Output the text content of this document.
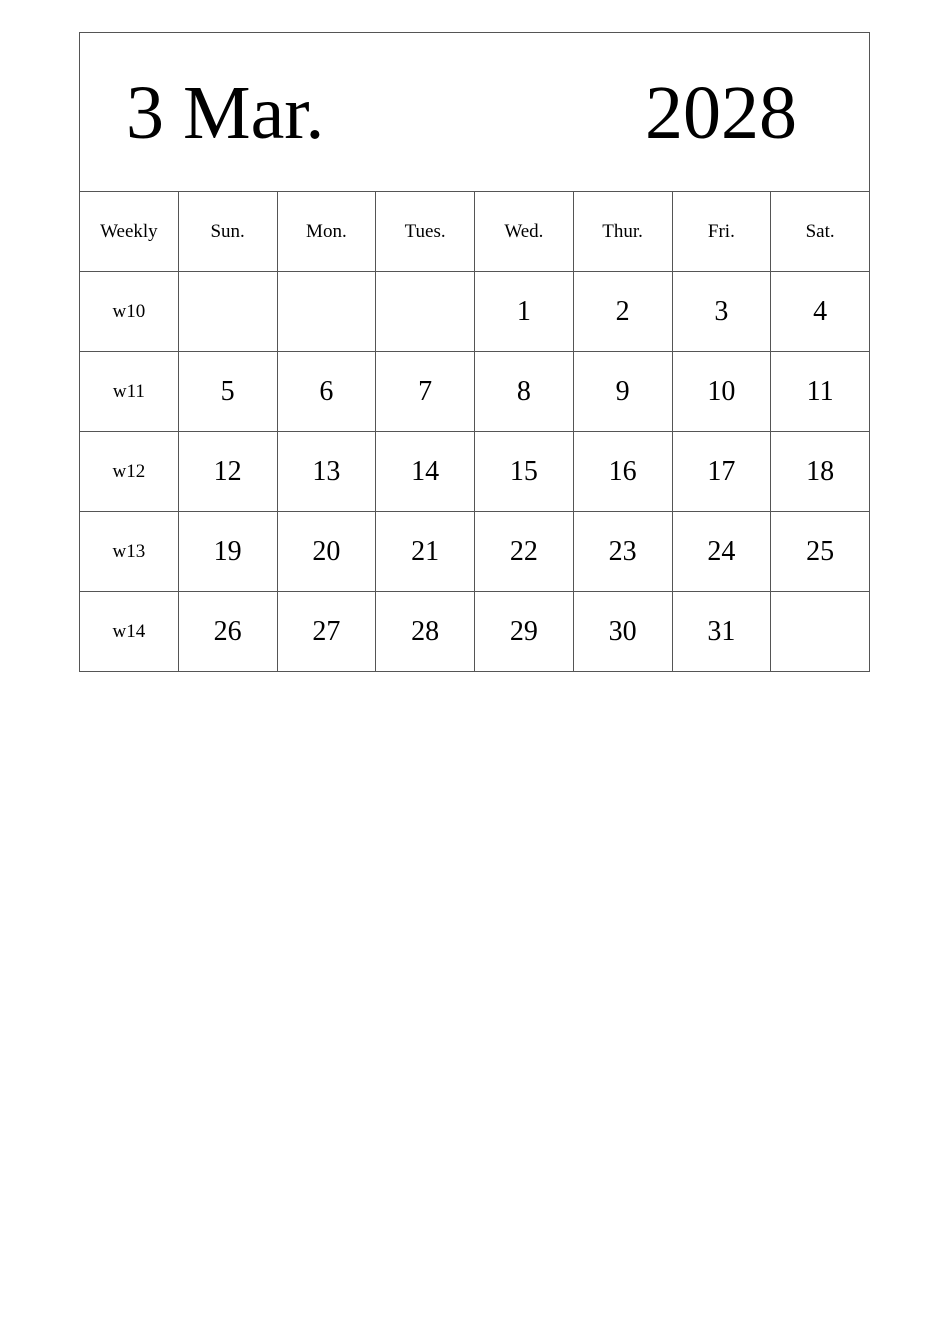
3 Mar. 2028							

Weekly	Sun.	Mon.	Tues.	Wed.	Thur.	Fri.	Sat.
w10				1	2	3	4
w11	5	6	7	8	9	10	11
w12	12	13	14	15	16	17	18
w13	19	20	21	22	23	24	25
w14	26	27	28	29	30	31	
